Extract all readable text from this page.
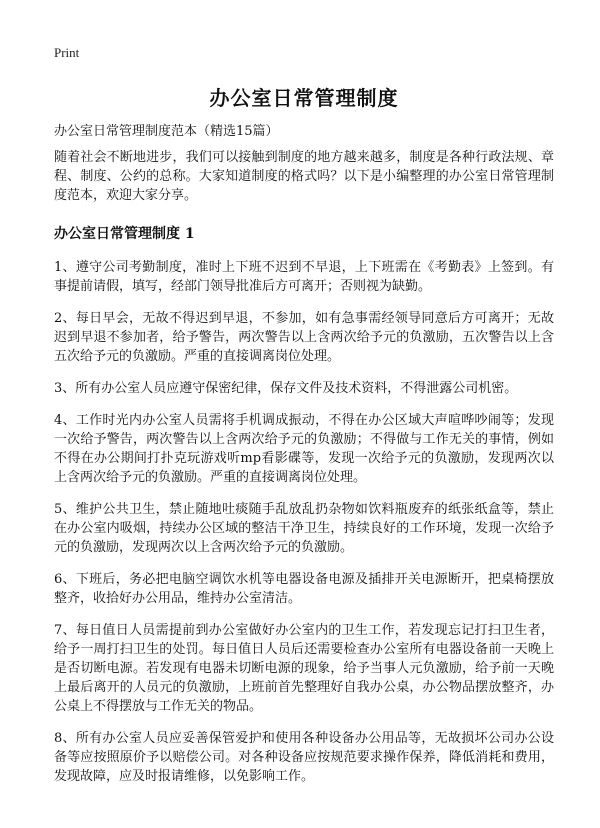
Print
办公室日常管理制度

办公室日常管理制度范本（精选15篇）

随着社会不断地进步，我们可以接触到制度的地方越来越多，制度是各种行政法规、章程、制度、公约的总称。大家知道制度的格式吗？以下是小编整理的办公室日常管理制度范本，欢迎大家分享。

办公室日常管理制度 1

1、遵守公司考勤制度，准时上下班不迟到不早退，上下班需在《考勤表》上签到。有事提前请假，填写，经部门领导批准后方可离开；否则视为缺勤。

2、每日早会，无故不得迟到早退，不参加，如有急事需经领导同意后方可离开；无故迟到早退不参加者，给予警告，两次警告以上含两次给予元的负激励，五次警告以上含五次给予元的负激励。严重的直接调离岗位处理。

3、所有办公室人员应遵守保密纪律，保存文件及技术资料，不得泄露公司机密。

4、工作时光内办公室人员需将手机调成振动，不得在办公区域大声喧哗吵闹等；发现一次给予警告，两次警告以上含两次给予元的负激励；不得做与工作无关的事情，例如不得在办公期间打扑克玩游戏听mp看影碟等，发现一次给予元的负激励，发现两次以上含两次给予元的负激励。严重的直接调离岗位处理。

5、维护公共卫生，禁止随地吐痰随手乱放乱扔杂物如饮料瓶废弃的纸张纸盒等，禁止在办公室内吸烟，持续办公区域的整洁干净卫生，持续良好的工作环境，发现一次给予元的负激励，发现两次以上含两次给予元的负激励。

6、下班后，务必把电脑空调饮水机等电器设备电源及插排开关电源断开，把桌椅摆放整齐，收拾好办公用品，维持办公室清洁。

7、每日值日人员需提前到办公室做好办公室内的卫生工作，若发现忘记打扫卫生者，给予一周打扫卫生的处罚。每日值日人员后还需要检查办公室所有电器设备前一天晚上是否切断电源。若发现有电器未切断电源的现象，给予当事人元负激励，给予前一天晚上最后离开的人员元的负激励，上班前首先整理好自我办公桌，办公物品摆放整齐，办公桌上不得摆放与工作无关的物品。

8、所有办公室人员应妥善保管爱护和使用各种设备办公用品等，无故损坏公司办公设备等应按照原价予以赔偿公司。对各种设备应按规范要求操作保养，降低消耗和费用，发现故障，应及时报请维修，以免影响工作。
